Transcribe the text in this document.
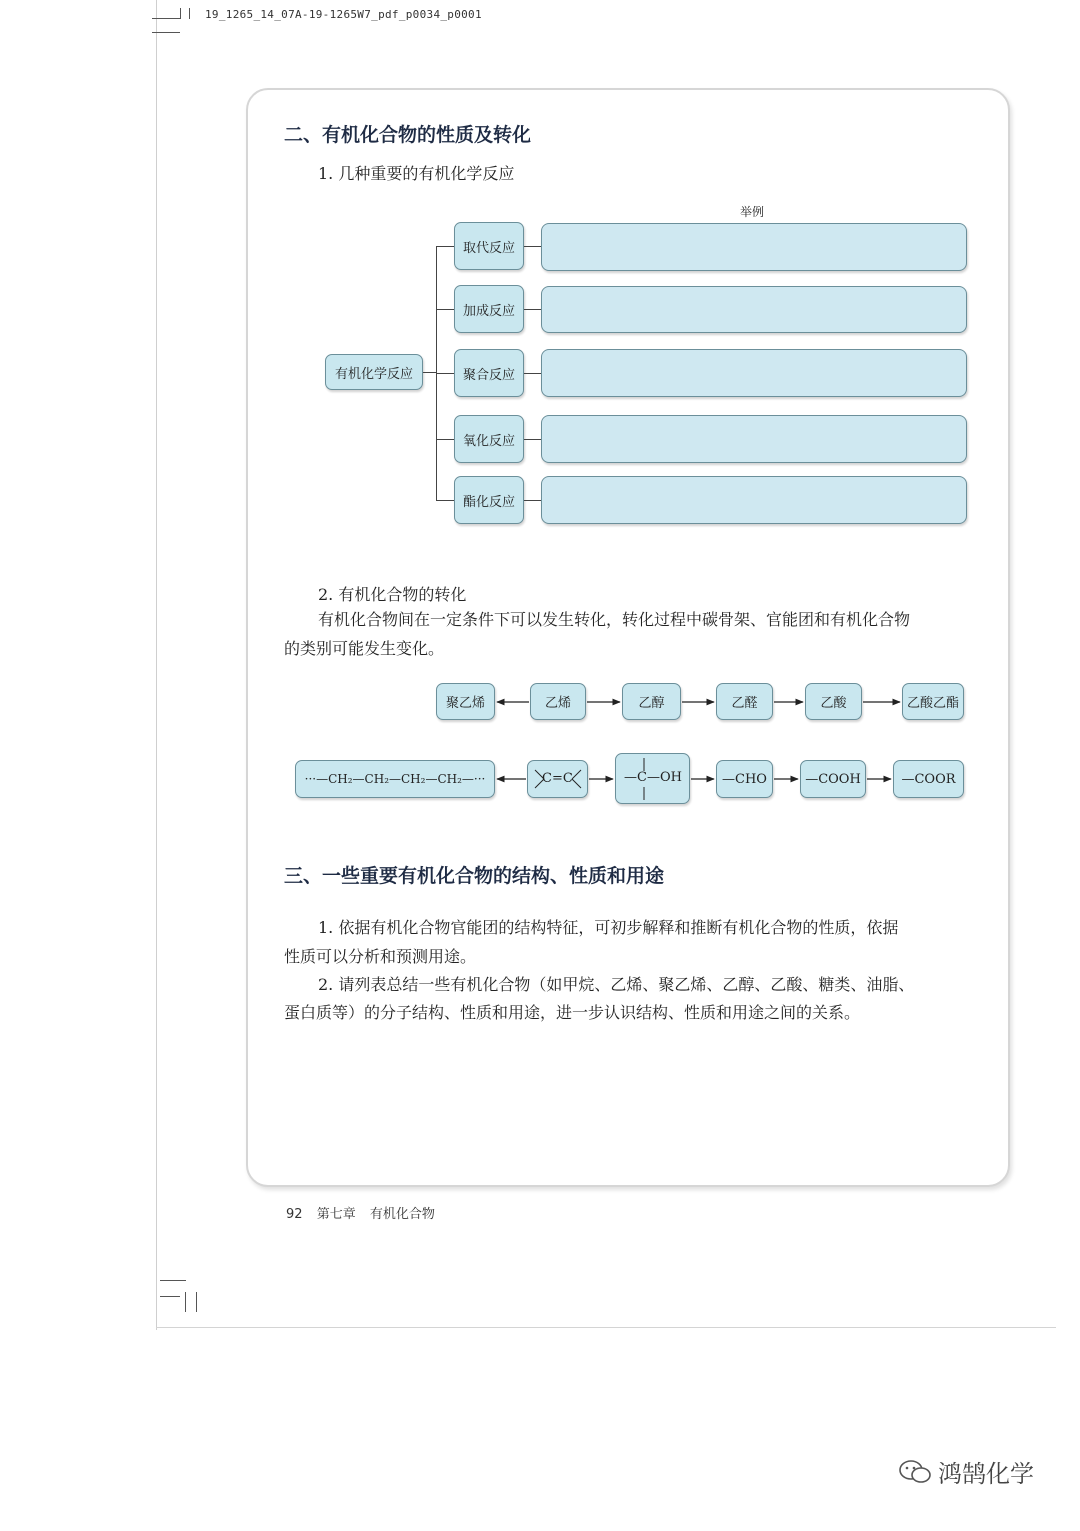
19_1265_14_07A-19-1265W7_pdf_p0034_p0001
二、有机化合物的性质及转化
1. 几种重要的有机化学反应
举例
有机化学反应
取代反应
加成反应
聚合反应
氧化反应
酯化反应
2. 有机化合物的转化
有机化合物间在一定条件下可以发生转化，转化过程中碳骨架、官能团和有机化合物
的类别可能发生变化。
聚乙烯	乙烯	乙醇	乙醛	乙酸	乙酸乙酯
···—CH₂—CH₂—CH₂—CH₂—···	C=C	—C—OH	—CHO	—COOH	—COOR
三、一些重要有机化合物的结构、性质和用途
1. 依据有机化合物官能团的结构特征，可初步解释和推断有机化合物的性质，依据
性质可以分析和预测用途。
2. 请列表总结一些有机化合物（如甲烷、乙烯、聚乙烯、乙醇、乙酸、糖类、油脂、
蛋白质等）的分子结构、性质和用途，进一步认识结构、性质和用途之间的关系。
92 第七章 有机化合物
鸿鹄化学
